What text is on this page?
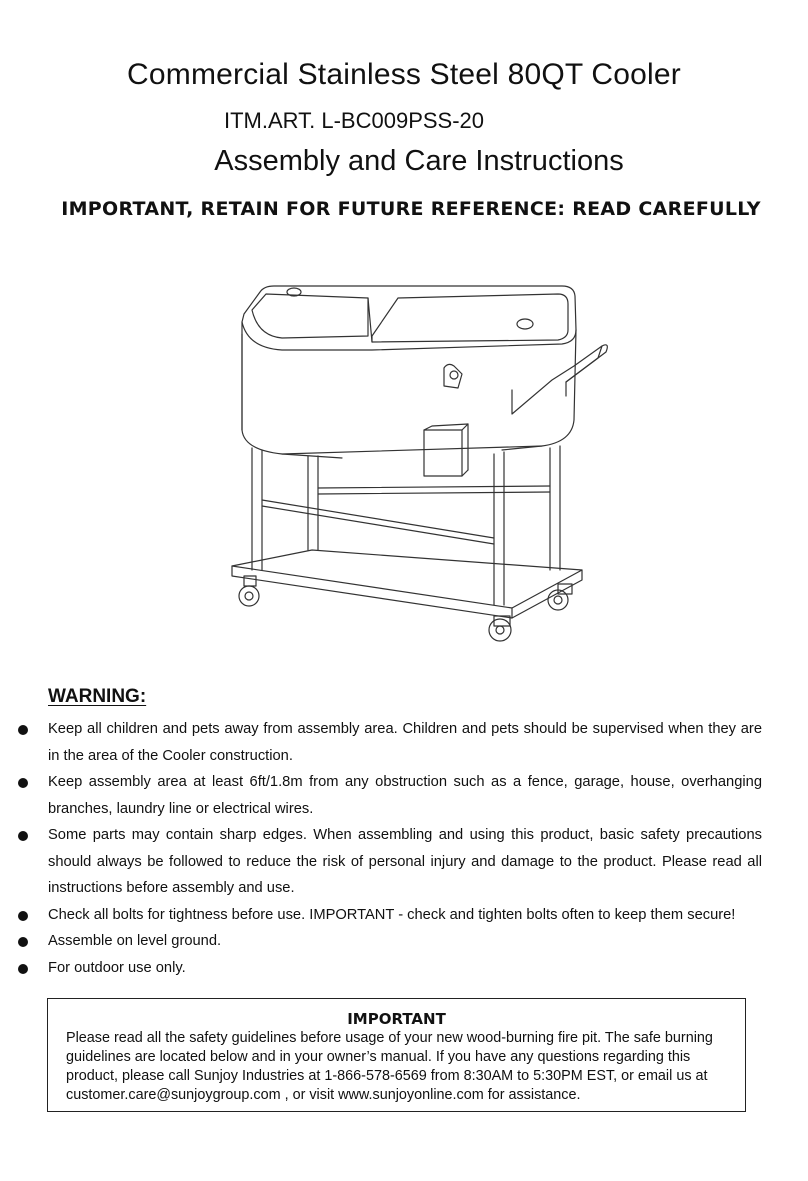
Commercial Stainless Steel 80QT Cooler
ITM.ART. L-BC009PSS-20
Assembly and Care Instructions
IMPORTANT, RETAIN FOR FUTURE REFERENCE: READ CAREFULLY
WARNING:
Keep all children and pets away from assembly area. Children and pets should be supervised when they are in the area of the Cooler construction.
Keep assembly area at least 6ft/1.8m from any obstruction such as a fence, garage, house, overhanging branches, laundry line or electrical wires.
Some parts may contain sharp edges. When assembling and using this product, basic safety precautions should always be followed to reduce the risk of personal injury and damage to the product. Please read all instructions before assembly and use.
Check all bolts for tightness before use. IMPORTANT - check and tighten bolts often to keep them secure!
Assemble on level ground.
For outdoor use only.
IMPORTANT
Please read all the safety guidelines before usage of your new wood-burning fire pit. The safe burning guidelines are located below and in your owner’s manual. If you have any questions regarding this product, please call Sunjoy Industries at 1-866-578-6569 from 8:30AM to 5:30PM EST, or email us at customer.care@sunjoygroup.com , or visit www.sunjoyonline.com for assistance.
